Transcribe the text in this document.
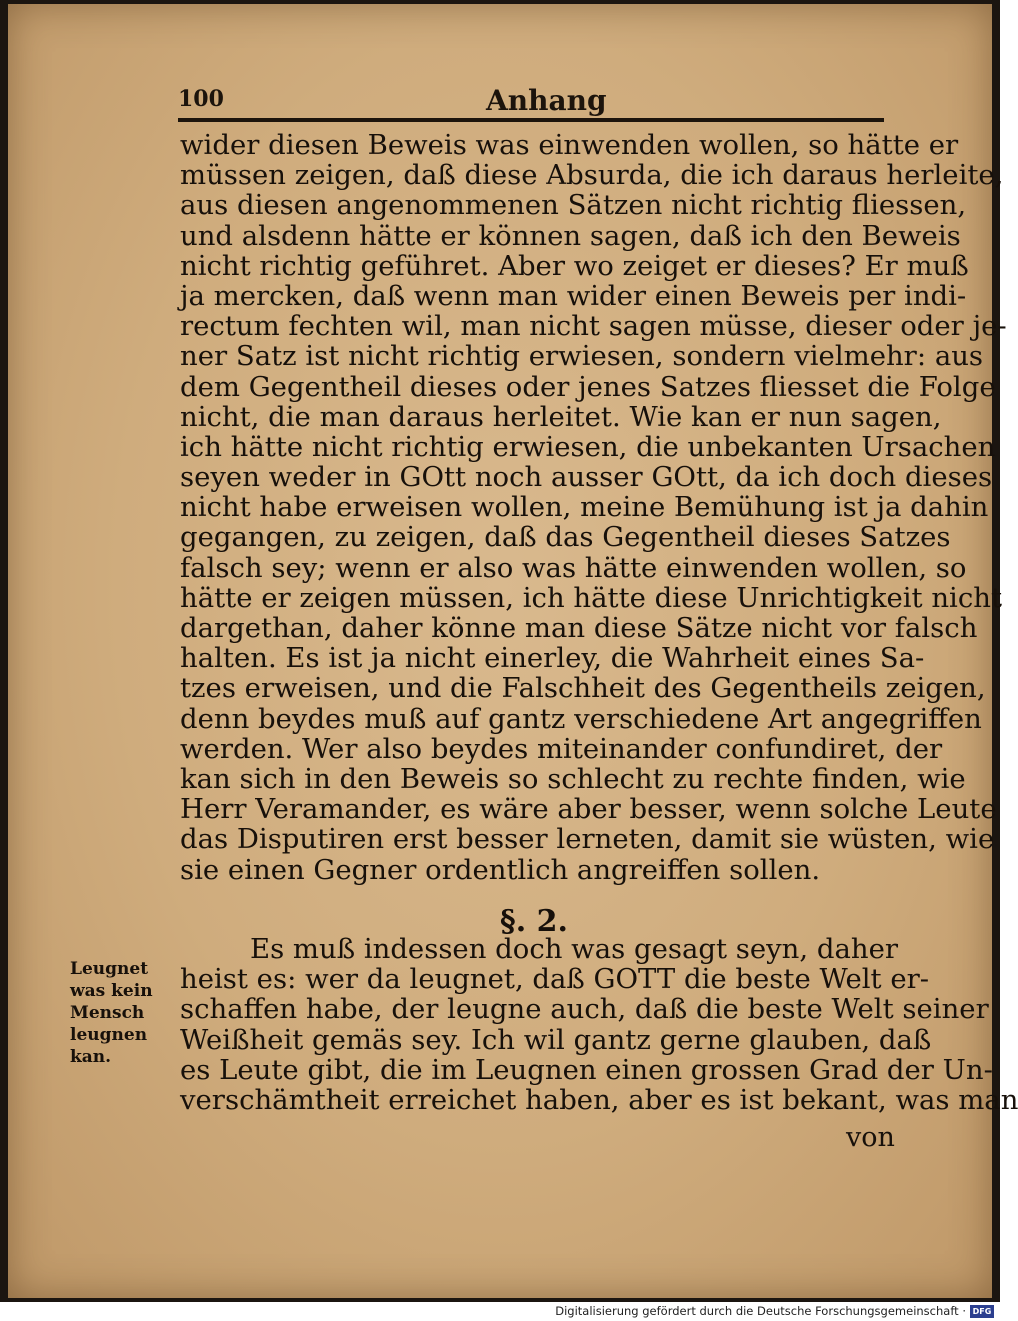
100	Anhang
wider diesen Beweis was einwenden wollen, so hätte er
müssen zeigen, daß diese Absurda, die ich daraus herleite,
aus diesen angenommenen Sätzen nicht richtig fliessen,
und alsdenn hätte er können sagen, daß ich den Beweis
nicht richtig geführet. Aber wo zeiget er dieses? Er muß
ja mercken, daß wenn man wider einen Beweis per indi-
rectum fechten wil, man nicht sagen müsse, dieser oder je-
ner Satz ist nicht richtig erwiesen, sondern vielmehr: aus
dem Gegentheil dieses oder jenes Satzes fliesset die Folge
nicht, die man daraus herleitet. Wie kan er nun sagen,
ich hätte nicht richtig erwiesen, die unbekanten Ursachen
seyen weder in GOtt noch ausser GOtt, da ich doch dieses
nicht habe erweisen wollen, meine Bemühung ist ja dahin
gegangen, zu zeigen, daß das Gegentheil dieses Satzes
falsch sey; wenn er also was hätte einwenden wollen, so
hätte er zeigen müssen, ich hätte diese Unrichtigkeit nicht
dargethan, daher könne man diese Sätze nicht vor falsch
halten. Es ist ja nicht einerley, die Wahrheit eines Sa-
tzes erweisen, und die Falschheit des Gegentheils zeigen,
denn beydes muß auf gantz verschiedene Art angegriffen
werden. Wer also beydes miteinander confundiret, der
kan sich in den Beweis so schlecht zu rechte finden, wie
Herr Veramander, es wäre aber besser, wenn solche Leute
das Disputiren erst besser lerneten, damit sie wüsten, wie
sie einen Gegner ordentlich angreiffen sollen.
§. 2.
Es muß indessen doch was gesagt seyn, daher
heist es: wer da leugnet, daß GOTT die beste Welt er-
schaffen habe, der leugne auch, daß die beste Welt seiner
Weißheit gemäs sey. Ich wil gantz gerne glauben, daß
es Leute gibt, die im Leugnen einen grossen Grad der Un-
verschämtheit erreichet haben, aber es ist bekant, was man
von
Leugnet
was kein
Mensch
leugnen
kan.
Digitalisierung gefördert durch die Deutsche Forschungsgemeinschaft · DFG
